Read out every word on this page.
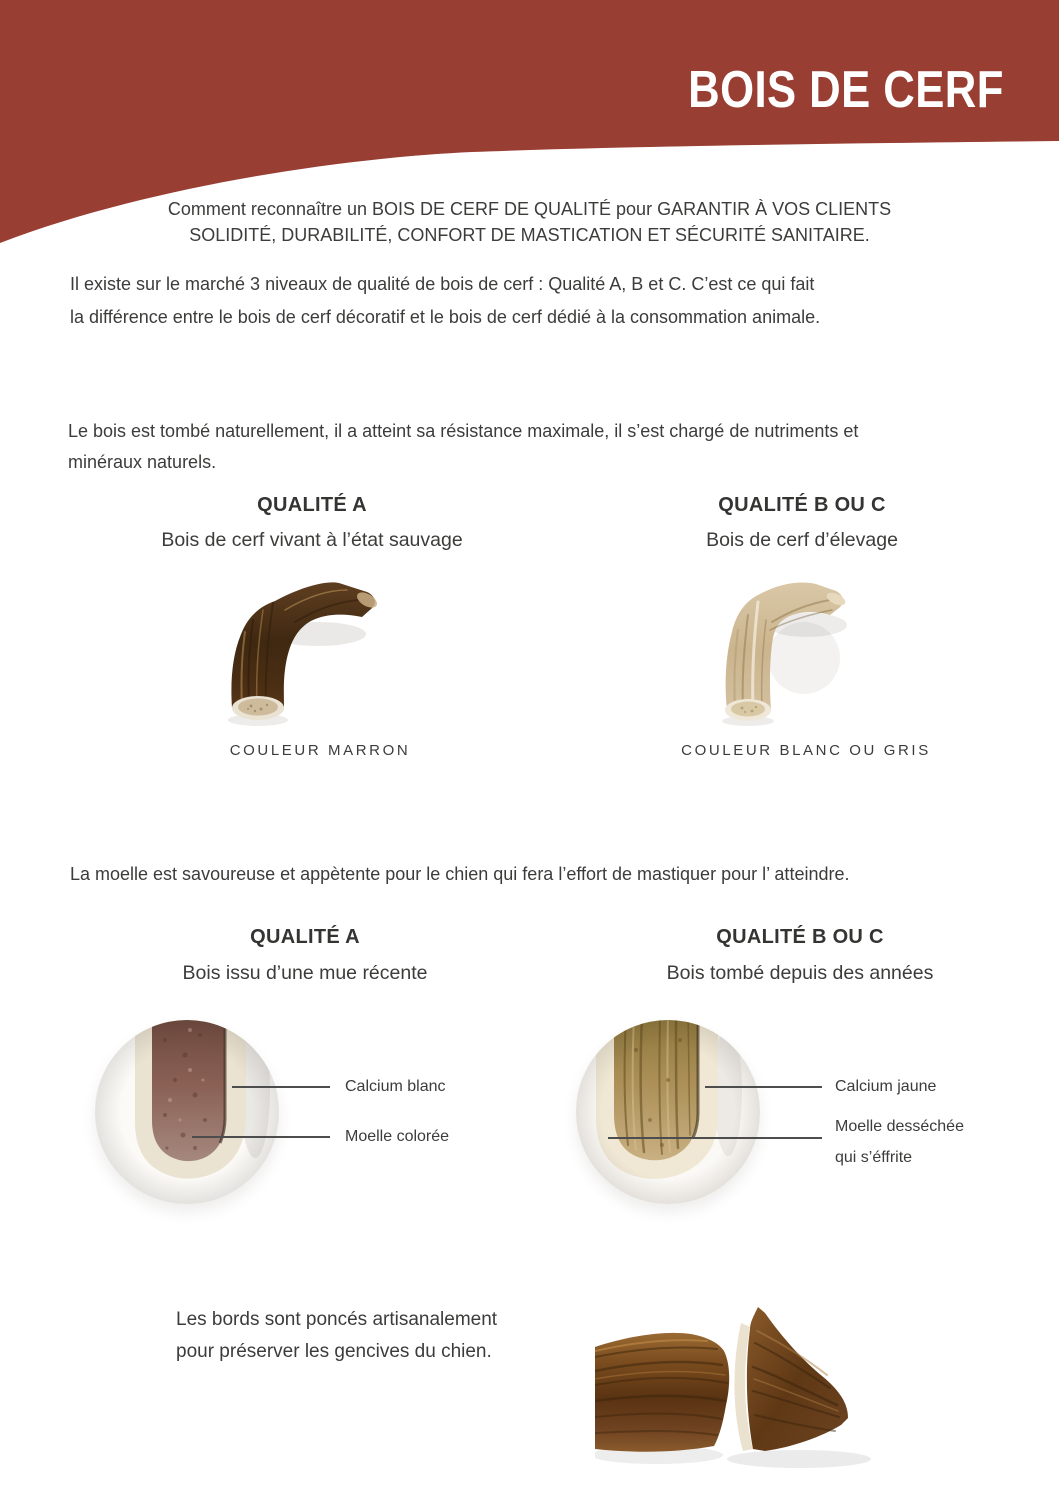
BOIS DE CERF
Comment reconnaître un BOIS DE CERF DE QUALITÉ pour GARANTIR À VOS CLIENTS
SOLIDITÉ, DURABILITÉ, CONFORT DE MASTICATION ET SÉCURITÉ SANITAIRE.
Il existe sur le marché 3 niveaux de qualité de bois de cerf : Qualité A, B et C. C’est ce qui fait
la différence entre le bois de cerf décoratif et le bois de cerf dédié à la consommation animale.
Le bois est tombé naturellement, il a atteint sa résistance maximale, il s’est chargé de nutriments et
minéraux naturels.
QUALITÉ A	QUALITÉ B OU C
Bois de cerf vivant à l’état sauvage	Bois de cerf d’élevage
COULEUR MARRON	COULEUR BLANC OU GRIS
La moelle est savoureuse et appètente pour le chien qui fera l’effort de mastiquer pour l’ atteindre.
QUALITÉ A	QUALITÉ B OU C
Bois issu d’une mue récente	Bois tombé depuis des années
Calcium blanc
Moelle colorée
Calcium jaune
Moelle desséchée
qui s’éffrite
Les bords sont poncés artisanalement
pour préserver les gencives du chien.
